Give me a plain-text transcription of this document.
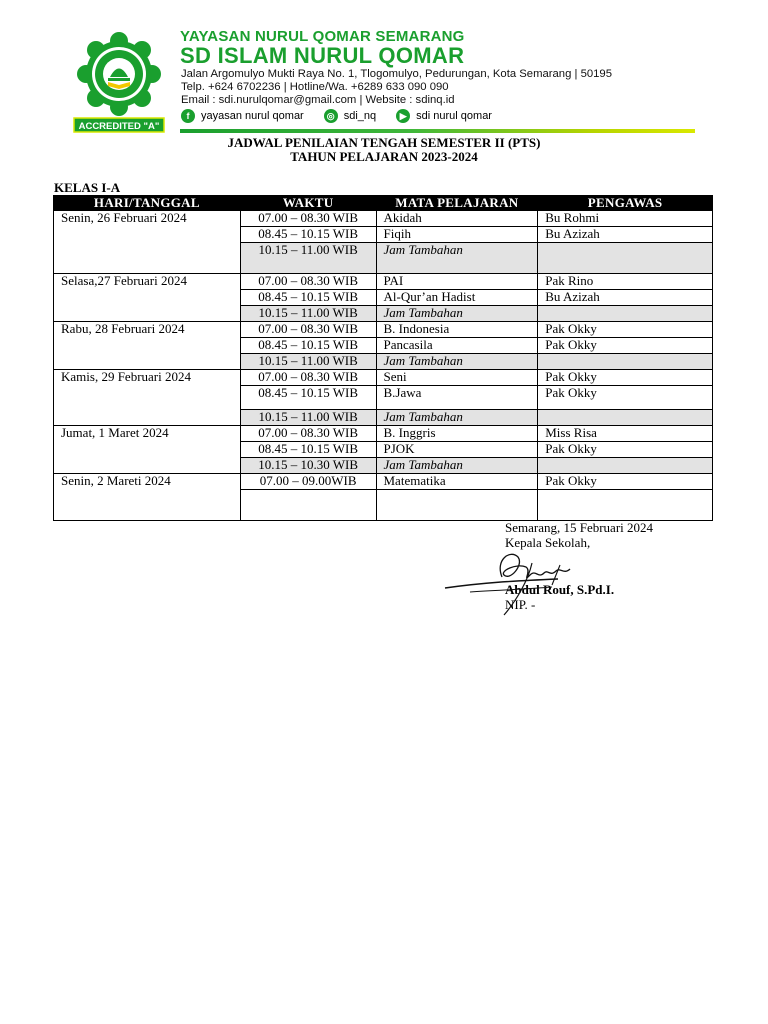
ACCREDITED "A"
YAYASAN NURUL QOMAR SEMARANG
SD ISLAM NURUL QOMAR
Jalan Argomulyo Mukti Raya No. 1, Tlogomulyo, Pedurungan, Kota Semarang | 50195
Telp. +624 6702236 | Hotline/Wa. +6289 633 090 090
Email : sdi.nurulqomar@gmail.com | Website : sdinq.id
f	yayasan nurul qomar	◎ sdi_nq	▶ sdi nurul qomar
JADWAL PENILAIAN TENGAH SEMESTER II (PTS)
TAHUN PELAJARAN 2023-2024
KELAS I-A
HARI/TANGGAL	WAKTU	MATA PELAJARAN	PENGAWAS
Senin, 26 Februari 2024	07.00 – 08.30 WIB	Akidah	Bu Rohmi
	08.45 – 10.15 WIB	Fiqih	Bu Azizah
	10.15 – 11.00 WIB	Jam Tambahan	
Selasa,27 Februari 2024	07.00 – 08.30 WIB	PAI	Pak Rino
	08.45 – 10.15 WIB	Al-Qur’an Hadist	Bu Azizah
	10.15 – 11.00 WIB	Jam Tambahan	
Rabu, 28 Februari 2024	07.00 – 08.30 WIB	B. Indonesia	Pak Okky
	08.45 – 10.15 WIB	Pancasila	Pak Okky
	10.15 – 11.00 WIB	Jam Tambahan	
Kamis, 29 Februari 2024	07.00 – 08.30 WIB	Seni	Pak Okky
	08.45 – 10.15 WIB	B.Jawa	Pak Okky
	10.15 – 11.00 WIB	Jam Tambahan	
Jumat, 1 Maret 2024	07.00 – 08.30 WIB	B. Inggris	Miss Risa
	08.45 – 10.15 WIB	PJOK	Pak Okky
	10.15 – 10.30 WIB	Jam Tambahan	
Senin, 2 Mareti 2024	07.00 – 09.00WIB	Matematika	Pak Okky

Semarang, 15 Februari 2024
Kepala Sekolah,
Abdul Rouf, S.Pd.I.
NIP. -
